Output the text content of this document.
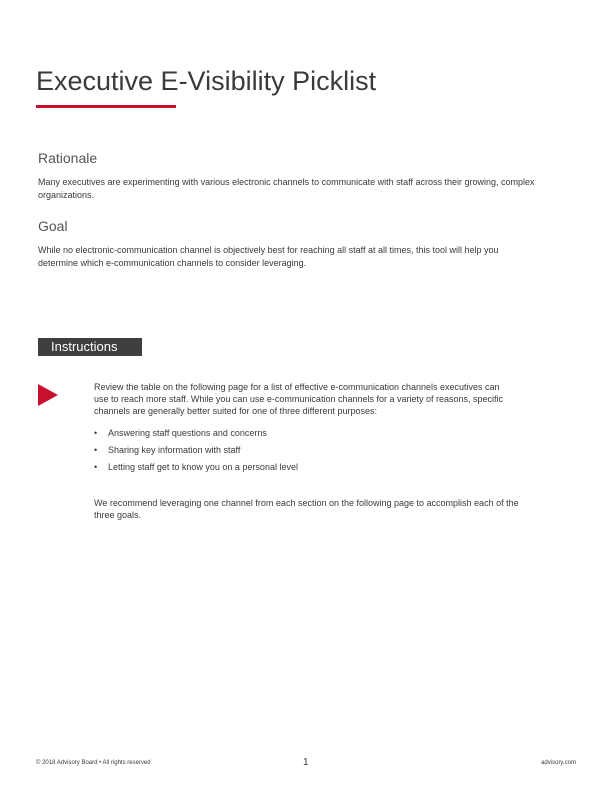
Executive E-Visibility Picklist
Rationale

Many executives are experimenting with various electronic channels to communicate with staff across their growing, complex organizations.

Goal

While no electronic-communication channel is objectively best for reaching all staff at all times, this tool will help you determine which e-communication channels to consider leveraging.

Instructions

Review the table on the following page for a list of effective e-communication channels executives can use to reach more staff. While you can use e-communication channels for a variety of reasons, specific channels are generally better suited for one of three different purposes:

• Answering staff questions and concerns
• Sharing key information with staff
• Letting staff get to know you on a personal level

We recommend leveraging one channel from each section on the following page to accomplish each of the three goals.

© 2018 Advisory Board • All rights reserved	1	advisory.com
